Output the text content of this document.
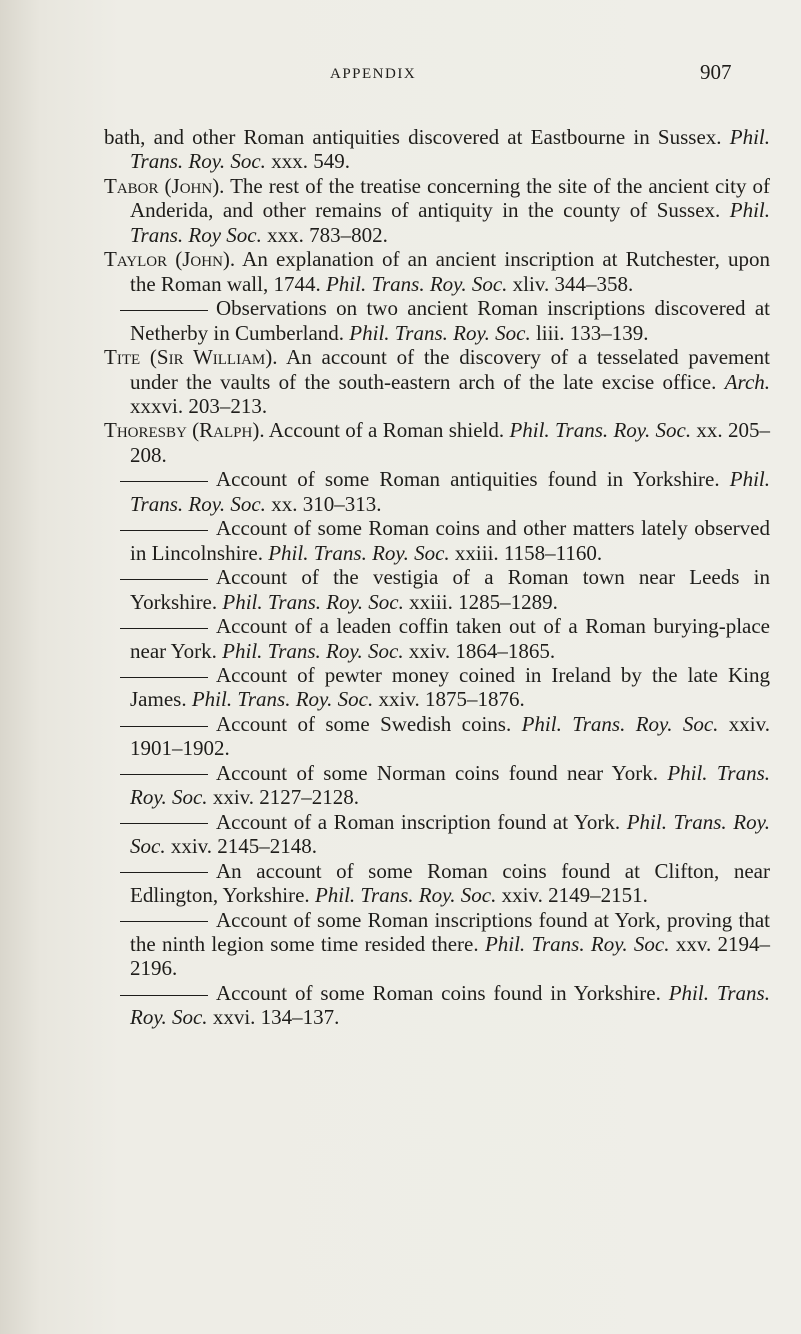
APPENDIX	907

bath, and other Roman antiquities discovered at Eastbourne in Sussex. Phil. Trans. Roy. Soc. xxx. 549.

Tabor (John). The rest of the treatise concerning the site of the ancient city of Anderida, and other remains of antiquity in the county of Sussex. Phil. Trans. Roy Soc. xxx. 783–802.

Taylor (John). An explanation of an ancient inscription at Rutchester, upon the Roman wall, 1744. Phil. Trans. Roy. Soc. xliv. 344–358.

Observations on two ancient Roman inscriptions discovered at Netherby in Cumberland. Phil. Trans. Roy. Soc. liii. 133–139.

Tite (Sir William). An account of the discovery of a tesselated pavement under the vaults of the south-eastern arch of the late excise office. Arch. xxxvi. 203–213.

Thoresby (Ralph). Account of a Roman shield. Phil. Trans. Roy. Soc. xx. 205–208.

Account of some Roman antiquities found in Yorkshire. Phil. Trans. Roy. Soc. xx. 310–313.

Account of some Roman coins and other matters lately observed in Lincolnshire. Phil. Trans. Roy. Soc. xxiii. 1158–1160.

Account of the vestigia of a Roman town near Leeds in Yorkshire. Phil. Trans. Roy. Soc. xxiii. 1285–1289.

Account of a leaden coffin taken out of a Roman burying-place near York. Phil. Trans. Roy. Soc. xxiv. 1864–1865.

Account of pewter money coined in Ireland by the late King James. Phil. Trans. Roy. Soc. xxiv. 1875–1876.

Account of some Swedish coins. Phil. Trans. Roy. Soc. xxiv. 1901–1902.

Account of some Norman coins found near York. Phil. Trans. Roy. Soc. xxiv. 2127–2128.

Account of a Roman inscription found at York. Phil. Trans. Roy. Soc. xxiv. 2145–2148.

An account of some Roman coins found at Clifton, near Edlington, Yorkshire. Phil. Trans. Roy. Soc. xxiv. 2149–2151.

Account of some Roman inscriptions found at York, proving that the ninth legion some time resided there. Phil. Trans. Roy. Soc. xxv. 2194–2196.

Account of some Roman coins found in Yorkshire. Phil. Trans. Roy. Soc. xxvi. 134–137.
